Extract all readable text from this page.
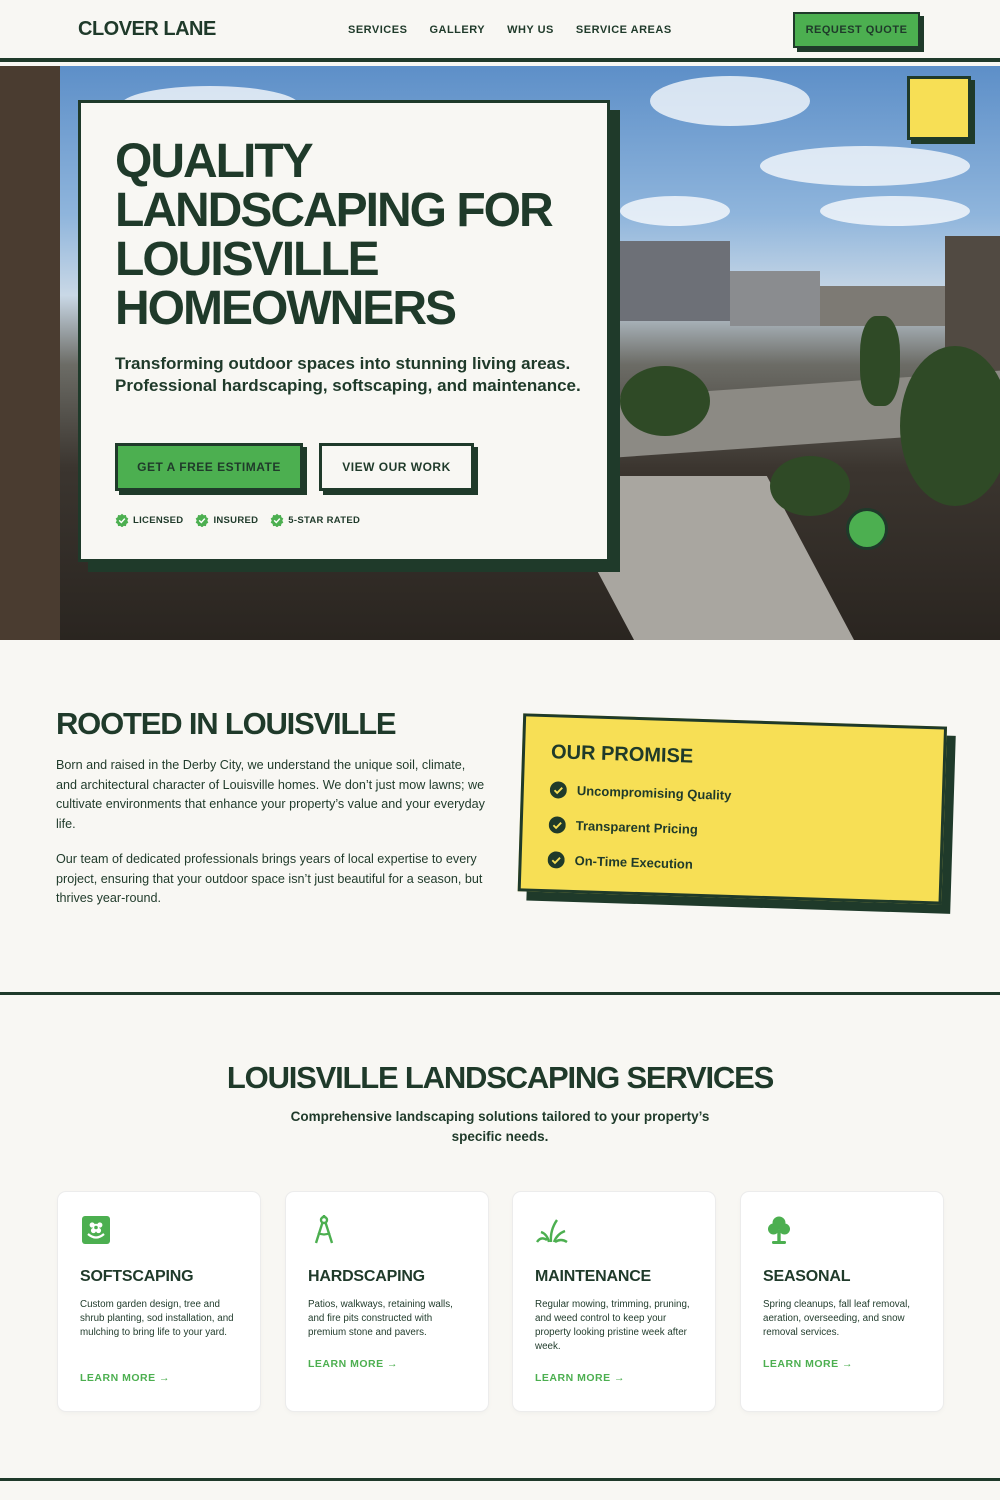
CLOVER LANE	SERVICES GALLERY WHY US SERVICE AREAS	REQUEST QUOTE
QUALITY LANDSCAPING FOR LOUISVILLE HOMEOWNERS

Transforming outdoor spaces into stunning living areas. Professional hardscaping, softscaping, and maintenance.

GET A FREE ESTIMATE	VIEW OUR WORK
LICENSED	INSURED	5-STAR RATED
ROOTED IN LOUISVILLE

Born and raised in the Derby City, we understand the unique soil, climate, and architectural character of Louisville homes. We don’t just mow lawns; we cultivate environments that enhance your property’s value and your everyday life.

Our team of dedicated professionals brings years of local expertise to every project, ensuring that your outdoor space isn’t just beautiful for a season, but thrives year-round.

OUR PROMISE
Uncompromising Quality
Transparent Pricing
On-Time Execution
LOUISVILLE LANDSCAPING SERVICES

Comprehensive landscaping solutions tailored to your property’s specific needs.

SOFTSCAPING
Custom garden design, tree and shrub planting, sod installation, and mulching to bring life to your yard.
LEARN MORE →
HARDSCAPING
Patios, walkways, retaining walls, and fire pits constructed with premium stone and pavers.
LEARN MORE →
MAINTENANCE
Regular mowing, trimming, pruning, and weed control to keep your property looking pristine week after week.
LEARN MORE →
SEASONAL
Spring cleanups, fall leaf removal, aeration, overseeding, and snow removal services.
LEARN MORE →
